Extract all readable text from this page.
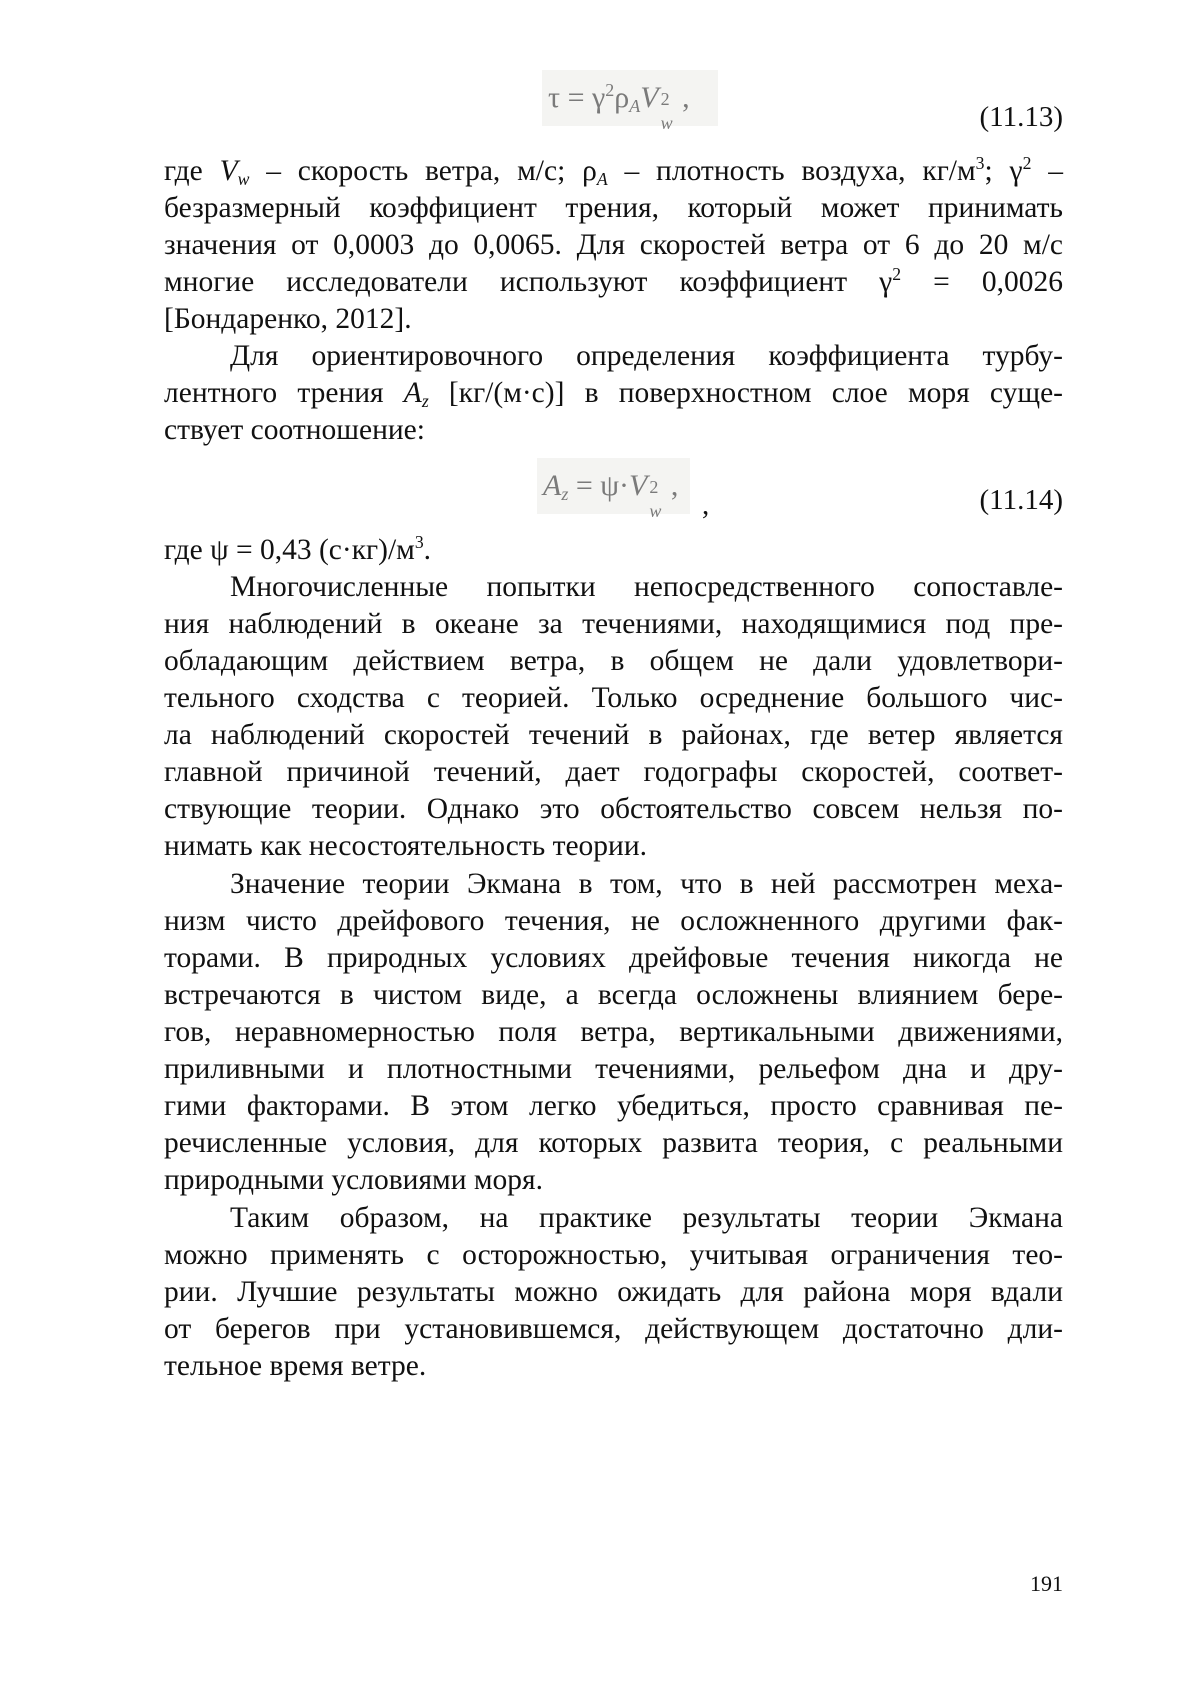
$\tau = \gamma^2\rho_AV$ 2
w
,
(11.13)
где $V_w$ – скорость ветра, м/с; $\rho_A$ – плотность воздуха, $кг/м^3$; $\gamma^2$ –
безразмерный коэффициент трения, который может принимать
значения от 0,0003 до 0,0065. Для скоростей ветра от 6 до 20 м/с
многие исследователи используют коэффициент $\gamma^2 = 0,0026$
[Бондаренко, 2012].
Для ориентировочного определения коэффициента турбу-
лентного трения $A_z$ [кг/(м·с)] в поверхностном слое моря суще-
ствует соотношение:
$A_z = \psi\cdot V$ 2
w
,
,	(11.14)
где ψ = 0,43 $(с\cdot кг)/м^3$.
Многочисленные попытки непосредственного сопоставле-
ния наблюдений в океане за течениями, находящимися под пре-
обладающим действием ветра, в общем не дали удовлетвори-
тельного сходства с теорией. Только осреднение большого чис-
ла наблюдений скоростей течений в районах, где ветер является
главной причиной течений, дает годографы скоростей, соответ-
ствующие теории. Однако это обстоятельство совсем нельзя по-
нимать как несостоятельность теории.
Значение теории Экмана в том, что в ней рассмотрен меха-
низм чисто дрейфового течения, не осложненного другими фак-
торами. В природных условиях дрейфовые течения никогда не
встречаются в чистом виде, а всегда осложнены влиянием бере-
гов, неравномерностью поля ветра, вертикальными движениями,
приливными и плотностными течениями, рельефом дна и дру-
гими факторами. В этом легко убедиться, просто сравнивая пе-
речисленные условия, для которых развита теория, с реальными
природными условиями моря.
Таким образом, на практике результаты теории Экмана
можно применять с осторожностью, учитывая ограничения тео-
рии. Лучшие результаты можно ожидать для района моря вдали
от берегов при установившемся, действующем достаточно дли-
тельное время ветре.
191
